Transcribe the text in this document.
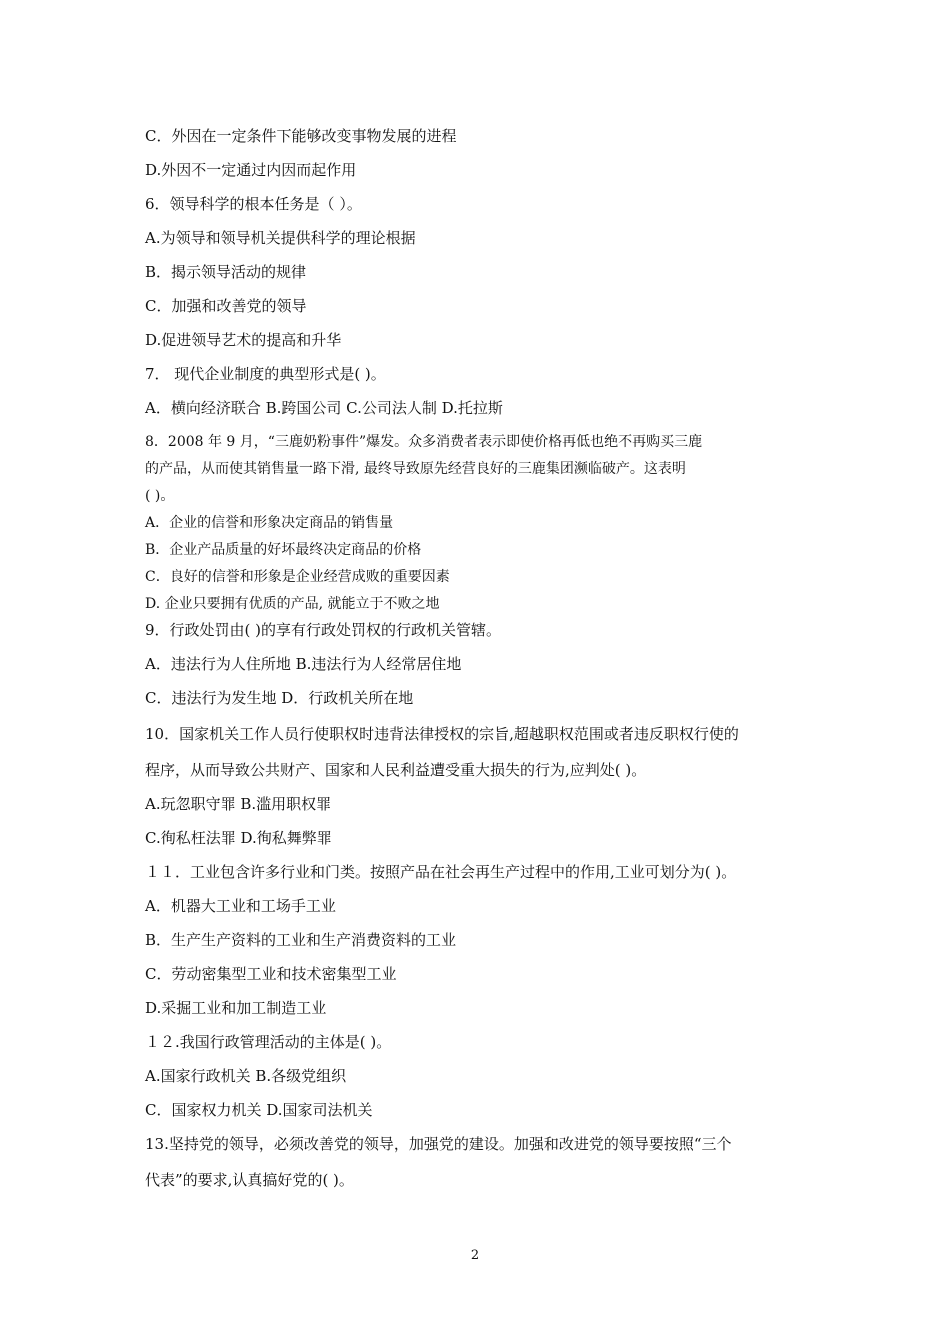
C．外因在一定条件下能够改变事物发展的进程
D.外因不一定通过内因而起作用
6．领导科学的根本任务是（ ）。
A.为领导和领导机关提供科学的理论根据
B．揭示领导活动的规律
C．加强和改善党的领导
D.促进领导艺术的提高和升华
7． 现代企业制度的典型形式是( )。
A．横向经济联合 B.跨国公司 C.公司法人制 D.托拉斯
8．2008 年 9 月，“三鹿奶粉事件”爆发。众多消费者表示即使价格再低也绝不再购买三鹿
的产品，从而使其销售量一路下滑, 最终导致原先经营良好的三鹿集团濒临破产。这表明
( )。
A．企业的信誉和形象决定商品的销售量
B．企业产品质量的好坏最终决定商品的价格
C．良好的信誉和形象是企业经营成败的重要因素
D. 企业只要拥有优质的产品, 就能立于不败之地
9．行政处罚由( )的享有行政处罚权的行政机关管辖。
A．违法行为人住所地 B.违法行为人经常居住地
C．违法行为发生地 D．行政机关所在地
10．国家机关工作人员行使职权时违背法律授权的宗旨,超越职权范围或者违反职权行使的
程序，从而导致公共财产、国家和人民利益遭受重大损失的行为,应判处( )。
A.玩忽职守罪 B.滥用职权罪
C.徇私枉法罪 D.徇私舞弊罪
１１．工业包含许多行业和门类。按照产品在社会再生产过程中的作用,工业可划分为( )。
A．机器大工业和工场手工业
B．生产生产资料的工业和生产消费资料的工业
C．劳动密集型工业和技术密集型工业
D.采掘工业和加工制造工业
１２.我国行政管理活动的主体是( )。
A.国家行政机关 B.各级党组织
C．国家权力机关 D.国家司法机关
13.坚持党的领导，必须改善党的领导，加强党的建设。加强和改进党的领导要按照“三个
代表”的要求,认真搞好党的( )。
2
